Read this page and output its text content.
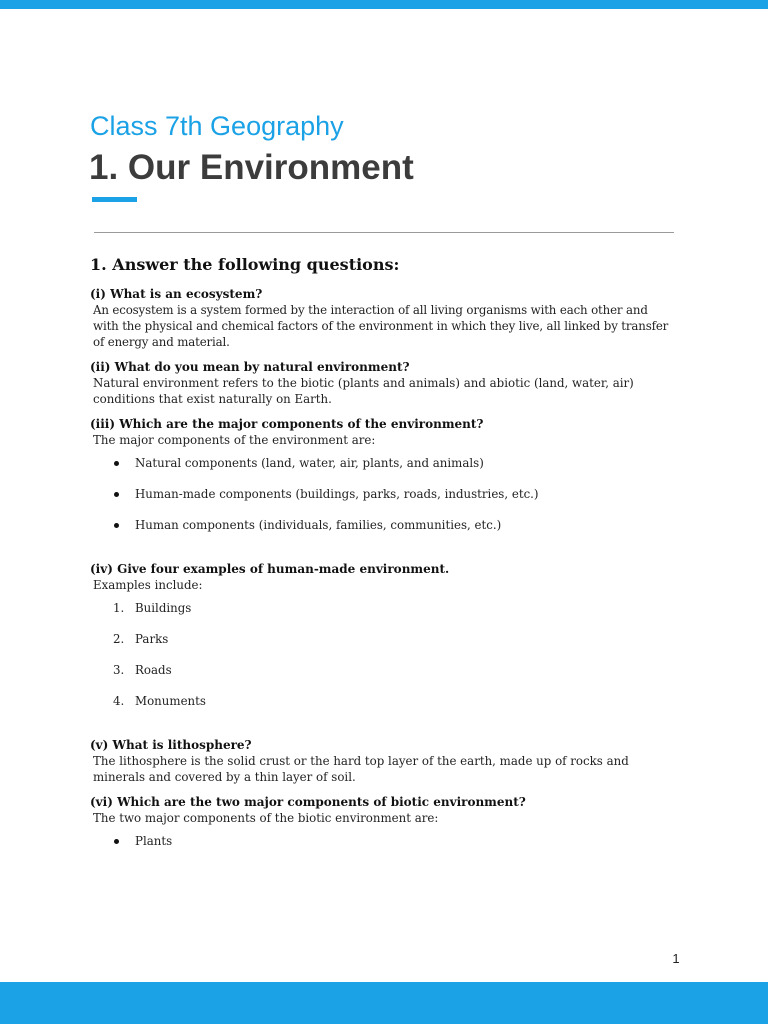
Class 7th Geography
1. Our Environment
1. Answer the following questions:
(i) What is an ecosystem?
An ecosystem is a system formed by the interaction of all living organisms with each other and with the physical and chemical factors of the environment in which they live, all linked by transfer of energy and material.
(ii) What do you mean by natural environment?
Natural environment refers to the biotic (plants and animals) and abiotic (land, water, air) conditions that exist naturally on Earth.
(iii) Which are the major components of the environment?
The major components of the environment are:
Natural components (land, water, air, plants, and animals)
Human-made components (buildings, parks, roads, industries, etc.)
Human components (individuals, families, communities, etc.)
(iv) Give four examples of human-made environment.
Examples include:
1. Buildings
2. Parks
3. Roads
4. Monuments
(v) What is lithosphere?
The lithosphere is the solid crust or the hard top layer of the earth, made up of rocks and minerals and covered by a thin layer of soil.
(vi) Which are the two major components of biotic environment?
The two major components of the biotic environment are:
Plants
1
